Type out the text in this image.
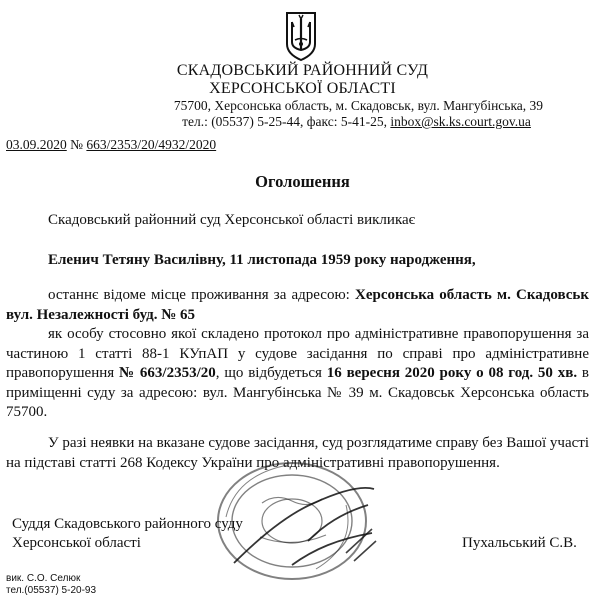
СКАДОВСЬКИЙ РАЙОННИЙ СУД
ХЕРСОНСЬКОЇ ОБЛАСТІ
75700, Херсонська область, м. Скадовськ, вул. Мангубінська, 39
тел.: (05537) 5-25-44, факс: 5-41-25, inbox@sk.ks.court.gov.ua
03.09.2020 № 663/2353/20/4932/2020
Оголошення
Скадовський районний суд Херсонської області викликає
Еленич Тетяну Василівну, 11 листопада 1959 року народження,
останнє відоме місце проживання за адресою: Херсонська область м. Скадовськ вул. Незалежності буд. № 65
як особу стосовно якої складено протокол про адміністративне правопорушення за частиною 1 статті 88-1 КУпАП у судове засідання по справі про адміністративне правопорушення № 663/2353/20, що відбудеться 16 вересня 2020 року о 08 год. 50 хв. в приміщенні суду за адресою: вул. Мангубінська № 39 м. Скадовськ Херсонська область 75700.
У разі неявки на вказане судове засідання, суд розглядатиме справу без Вашої участі на підставі статті 268 Кодексу України про адміністративні правопорушення.
Суддя Скадовського районного суду
Херсонської області	Пухальський С.В.
вик. С.О. Селюк
тел.(05537) 5-20-93
